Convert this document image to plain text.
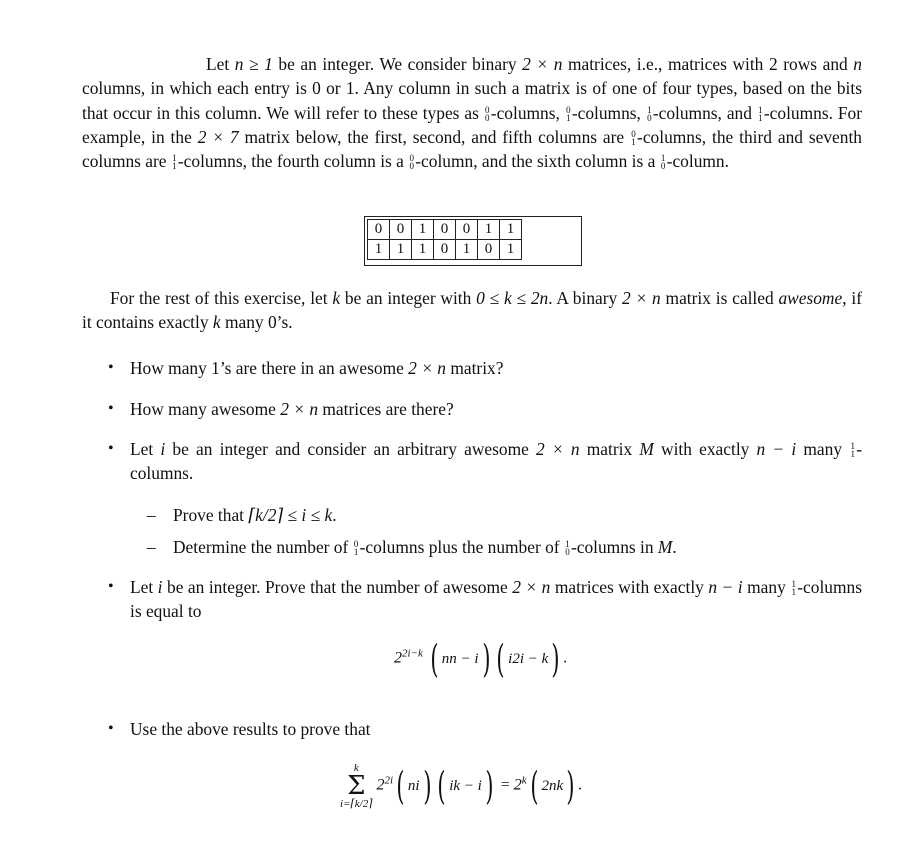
Let n ≥ 1 be an integer. We consider binary 2 × n matrices, i.e., matrices with 2 rows and n columns, in which each entry is 0 or 1. Any column in such a matrix is of one of four types, based on the bits that occur in this column. We will refer to these types as 0
0 -columns, 0
1 -columns, 1
0 -columns, and 1
1 -columns. For example, in the 2 × 7 matrix below, the first, second, and fifth columns are 0
1 -columns, the third and seventh columns are 1
1 -columns, the fourth column is a 0
0 -column, and the sixth column is a 1
0 -column.
0	0	1	0	0	1	1
1	1	1	0	1	0	1
For the rest of this exercise, let k be an integer with 0 ≤ k ≤ 2n. A binary 2 × n matrix is called awesome, if it contains exactly k many 0’s.
• How many 1’s are there in an awesome 2 × n matrix?
• How many awesome 2 × n matrices are there?
• Let i be an integer and consider an arbitrary awesome 2 × n matrix M with exactly n − i many 1
1 -columns.
– Prove that ⌈k/2⌉ ≤ i ≤ k.
– Determine the number of 0
1 -columns plus the number of 1
0 -columns in M.
• Let i be an integer. Prove that the number of awesome 2 × n matrices with exactly n − i many 1
1 -columns is equal to
$2^{2i-k}$ ( nn − i) ( i2i − k) .
• Use the above results to prove that
k
Σ
i=⌈k/2⌉ $2^{2i}$( ni) ( ik − $i) = 2^k$( 2nk) .
